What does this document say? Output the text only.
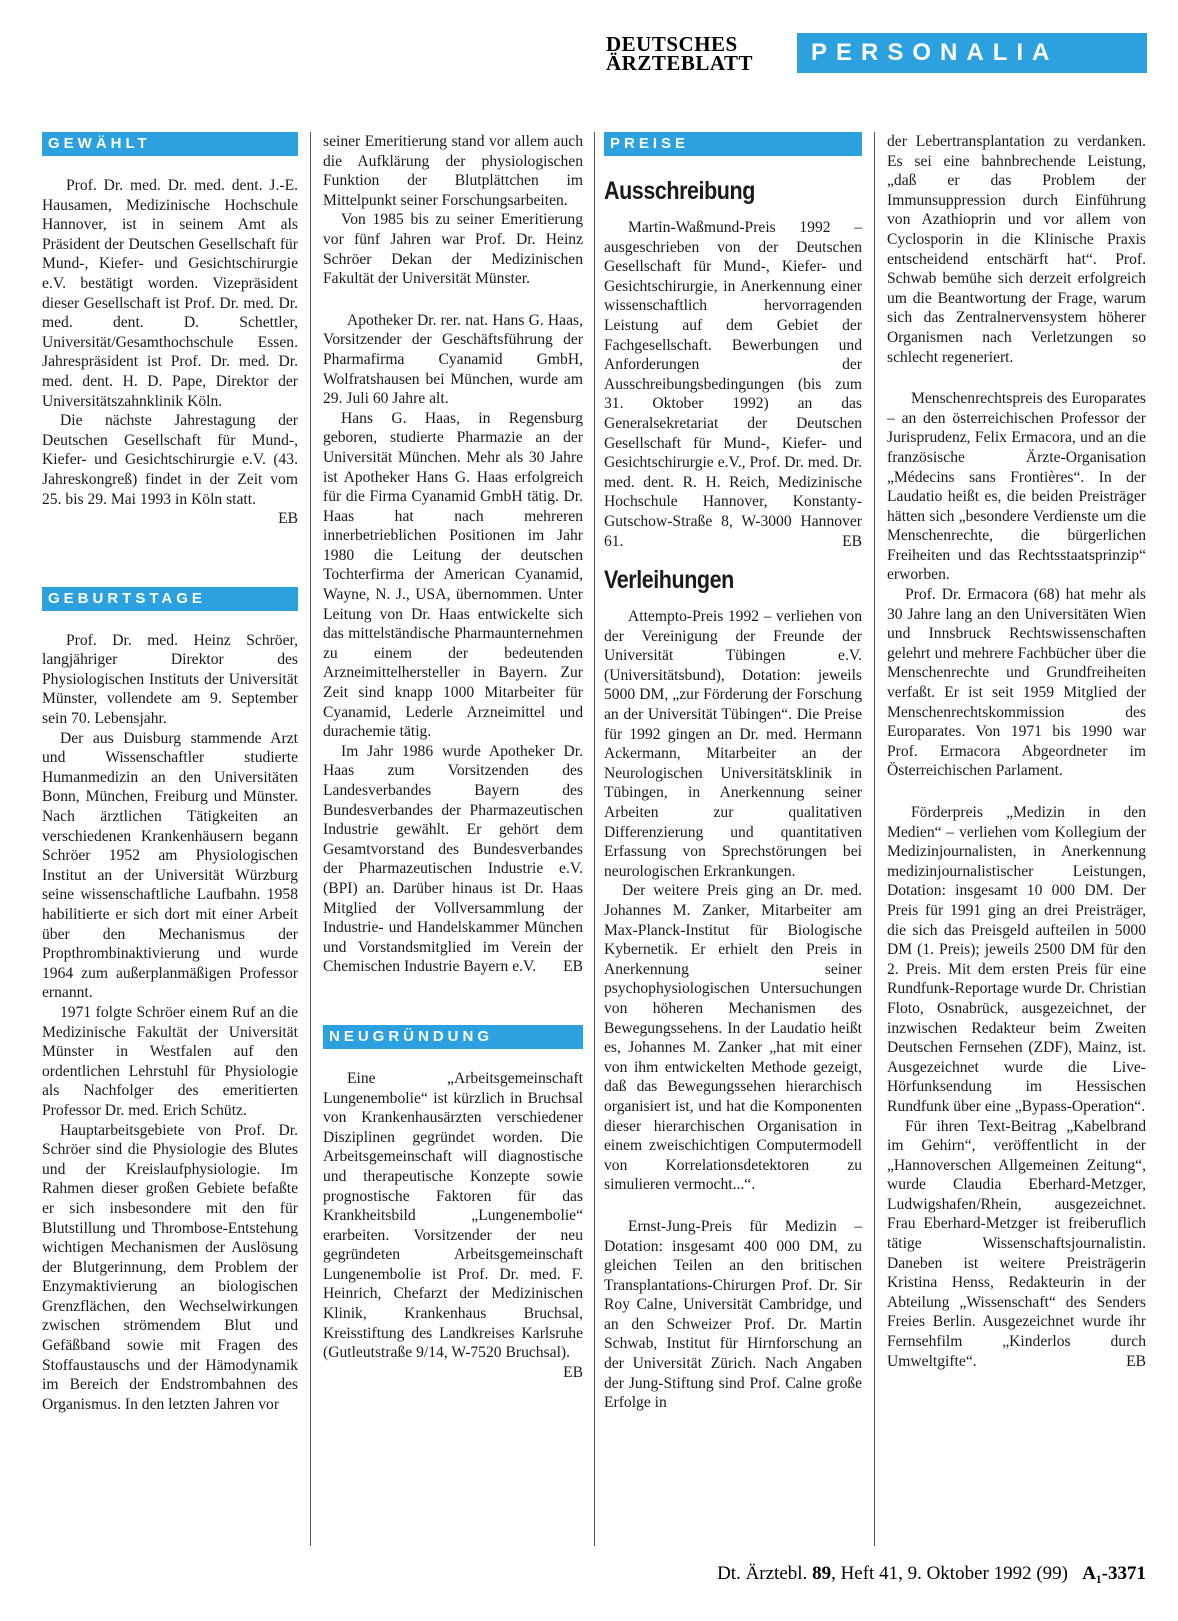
DEUTSCHES ÄRZTEBLATT	PERSONALIA
GEWÄHLT

Prof. Dr. med. Dr. med. dent. J.-E. Hausamen, Medizinische Hochschule Hannover, ist in seinem Amt als Präsident der Deutschen Gesellschaft für Mund-, Kiefer- und Gesichtschirurgie e.V. bestätigt worden. Vizepräsident dieser Gesellschaft ist Prof. Dr. med. Dr. med. dent. D. Schettler, Universität/Gesamthochschule Essen. Jahrespräsident ist Prof. Dr. med. Dr. med. dent. H. D. Pape, Direktor der Universitätszahnklinik Köln.

Die nächste Jahrestagung der Deutschen Gesellschaft für Mund-, Kiefer- und Gesichtschirurgie e.V. (43. Jahreskongreß) findet in der Zeit vom 25. bis 29. Mai 1993 in Köln statt.
EB

GEBURTSTAGE

Prof. Dr. med. Heinz Schröer, langjähriger Direktor des Physiologischen Instituts der Universität Münster, vollendete am 9. September sein 70. Lebensjahr.

Der aus Duisburg stammende Arzt und Wissenschaftler studierte Humanmedizin an den Universitäten Bonn, München, Freiburg und Münster. Nach ärztlichen Tätigkeiten an verschiedenen Krankenhäusern begann Schröer 1952 am Physiologischen Institut an der Universität Würzburg seine wissenschaftliche Laufbahn. 1958 habilitierte er sich dort mit einer Arbeit über den Mechanismus der Propthrombinaktivierung und wurde 1964 zum außerplanmäßigen Professor ernannt.

1971 folgte Schröer einem Ruf an die Medizinische Fakultät der Universität Münster in Westfalen auf den ordentlichen Lehrstuhl für Physiologie als Nachfolger des emeritierten Professor Dr. med. Erich Schütz.

Hauptarbeitsgebiete von Prof. Dr. Schröer sind die Physiologie des Blutes und der Kreislaufphysiologie. Im Rahmen dieser großen Gebiete befaßte er sich insbesondere mit den für Blutstillung und Thrombose-Entstehung wichtigen Mechanismen der Auslösung der Blutgerinnung, dem Problem der Enzymaktivierung an biologischen Grenzflächen, den Wechselwirkungen zwischen strömendem Blut und Gefäßband sowie mit Fragen des Stoffaustauschs und der Hämodynamik im Bereich der Endstrombahnen des Organismus. In den letzten Jahren vor

seiner Emeritierung stand vor allem auch die Aufklärung der physiologischen Funktion der Blutplättchen im Mittelpunkt seiner Forschungsarbeiten.

Von 1985 bis zu seiner Emeritierung vor fünf Jahren war Prof. Dr. Heinz Schröer Dekan der Medizinischen Fakultät der Universität Münster.

Apotheker Dr. rer. nat. Hans G. Haas, Vorsitzender der Geschäftsführung der Pharmafirma Cyanamid GmbH, Wolfratshausen bei München, wurde am 29. Juli 60 Jahre alt.

Hans G. Haas, in Regensburg geboren, studierte Pharmazie an der Universität München. Mehr als 30 Jahre ist Apotheker Hans G. Haas erfolgreich für die Firma Cyanamid GmbH tätig. Dr. Haas hat nach mehreren innerbetrieblichen Positionen im Jahr 1980 die Leitung der deutschen Tochterfirma der American Cyanamid, Wayne, N. J., USA, übernommen. Unter Leitung von Dr. Haas entwickelte sich das mittelständische Pharmaunternehmen zu einem der bedeutenden Arzneimittelhersteller in Bayern. Zur Zeit sind knapp 1000 Mitarbeiter für Cyanamid, Lederle Arzneimittel und durachemie tätig.

Im Jahr 1986 wurde Apotheker Dr. Haas zum Vorsitzenden des Landesverbandes Bayern des Bundesverbandes der Pharmazeutischen Industrie gewählt. Er gehört dem Gesamtvorstand des Bundesverbandes der Pharmazeutischen Industrie e.V. (BPI) an. Darüber hinaus ist Dr. Haas Mitglied der Vollversammlung der Industrie- und Handelskammer München und Vorstandsmitglied im Verein der Chemischen Industrie Bayern e.V.	EB

NEUGRÜNDUNG

Eine „Arbeitsgemeinschaft Lungenembolie“ ist kürzlich in Bruchsal von Krankenhausärzten verschiedener Disziplinen gegründet worden. Die Arbeitsgemeinschaft will diagnostische und therapeutische Konzepte sowie prognostische Faktoren für das Krankheitsbild „Lungenembolie“ erarbeiten. Vorsitzender der neu gegründeten Arbeitsgemeinschaft Lungenembolie ist Prof. Dr. med. F. Heinrich, Chefarzt der Medizinischen Klinik, Krankenhaus Bruchsal, Kreisstiftung des Landkreises Karlsruhe (Gutleutstraße 9/14, W-7520 Bruchsal).
EB

PREISE
Ausschreibung

Martin-Waßmund-Preis 1992 – ausgeschrieben von der Deutschen Gesellschaft für Mund-, Kiefer- und Gesichtschirurgie, in Anerkennung einer wissenschaftlich hervorragenden Leistung auf dem Gebiet der Fachgesellschaft. Bewerbungen und Anforderungen der Ausschreibungsbedingungen (bis zum 31. Oktober 1992) an das Generalsekretariat der Deutschen Gesellschaft für Mund-, Kiefer- und Gesichtschirurgie e.V., Prof. Dr. med. Dr. med. dent. R. H. Reich, Medizinische Hochschule Hannover, Konstanty-Gutschow-Straße 8, W-3000 Hannover 61.	EB

Verleihungen

Attempto-Preis 1992 – verliehen von der Vereinigung der Freunde der Universität Tübingen e.V. (Universitätsbund), Dotation: jeweils 5000 DM, „zur Förderung der Forschung an der Universität Tübingen“. Die Preise für 1992 gingen an Dr. med. Hermann Ackermann, Mitarbeiter an der Neurologischen Universitätsklinik in Tübingen, in Anerkennung seiner Arbeiten zur qualitativen Differenzierung und quantitativen Erfassung von Sprechstörungen bei neurologischen Erkrankungen.

Der weitere Preis ging an Dr. med. Johannes M. Zanker, Mitarbeiter am Max-Planck-Institut für Biologische Kybernetik. Er erhielt den Preis in Anerkennung seiner psychophysiologischen Untersuchungen von höheren Mechanismen des Bewegungssehens. In der Laudatio heißt es, Johannes M. Zanker „hat mit einer von ihm entwickelten Methode gezeigt, daß das Bewegungssehen hierarchisch organisiert ist, und hat die Komponenten dieser hierarchischen Organisation in einem zweischichtigen Computermodell von Korrelationsdetektoren zu simulieren vermocht...“.

Ernst-Jung-Preis für Medizin – Dotation: insgesamt 400 000 DM, zu gleichen Teilen an den britischen Transplantations-Chirurgen Prof. Dr. Sir Roy Calne, Universität Cambridge, und an den Schweizer Prof. Dr. Martin Schwab, Institut für Hirnforschung an der Universität Zürich. Nach Angaben der Jung-Stiftung sind Prof. Calne große Erfolge in

der Lebertransplantation zu verdanken. Es sei eine bahnbrechende Leistung, „daß er das Problem der Immunsuppression durch Einführung von Azathioprin und vor allem von Cyclosporin in die Klinische Praxis entscheidend entschärft hat“. Prof. Schwab bemühe sich derzeit erfolgreich um die Beantwortung der Frage, warum sich das Zentralnervensystem höherer Organismen nach Verletzungen so schlecht regeneriert.

Menschenrechtspreis des Europarates – an den österreichischen Professor der Jurisprudenz, Felix Ermacora, und an die französische Ärzte-Organisation „Médecins sans Frontières“. In der Laudatio heißt es, die beiden Preisträger hätten sich „besondere Verdienste um die Menschenrechte, die bürgerlichen Freiheiten und das Rechtsstaatsprinzip“ erworben.

Prof. Dr. Ermacora (68) hat mehr als 30 Jahre lang an den Universitäten Wien und Innsbruck Rechtswissenschaften gelehrt und mehrere Fachbücher über die Menschenrechte und Grundfreiheiten verfaßt. Er ist seit 1959 Mitglied der Menschenrechtskommission des Europarates. Von 1971 bis 1990 war Prof. Ermacora Abgeordneter im Österreichischen Parlament.

Förderpreis „Medizin in den Medien“ – verliehen vom Kollegium der Medizinjournalisten, in Anerkennung medizinjournalistischer Leistungen, Dotation: insgesamt 10 000 DM. Der Preis für 1991 ging an drei Preisträger, die sich das Preisgeld aufteilen in 5000 DM (1. Preis); jeweils 2500 DM für den 2. Preis. Mit dem ersten Preis für eine Rundfunk-Reportage wurde Dr. Christian Floto, Osnabrück, ausgezeichnet, der inzwischen Redakteur beim Zweiten Deutschen Fernsehen (ZDF), Mainz, ist. Ausgezeichnet wurde die Live-Hörfunksendung im Hessischen Rundfunk über eine „Bypass-Operation“.

Für ihren Text-Beitrag „Kabelbrand im Gehirn“, veröffentlicht in der „Hannoverschen Allgemeinen Zeitung“, wurde Claudia Eberhard-Metzger, Ludwigshafen/Rhein, ausgezeichnet. Frau Eberhard-Metzger ist freiberuflich tätige Wissenschaftsjournalistin. Daneben ist weitere Preisträgerin Kristina Henss, Redakteurin in der Abteilung „Wissenschaft“ des Senders Freies Berlin. Ausgezeichnet wurde ihr Fernsehfilm „Kinderlos durch Umweltgifte“.	EB

Dt. Ärztebl. 89, Heft 41, 9. Oktober 1992 (99) A₁-3371
